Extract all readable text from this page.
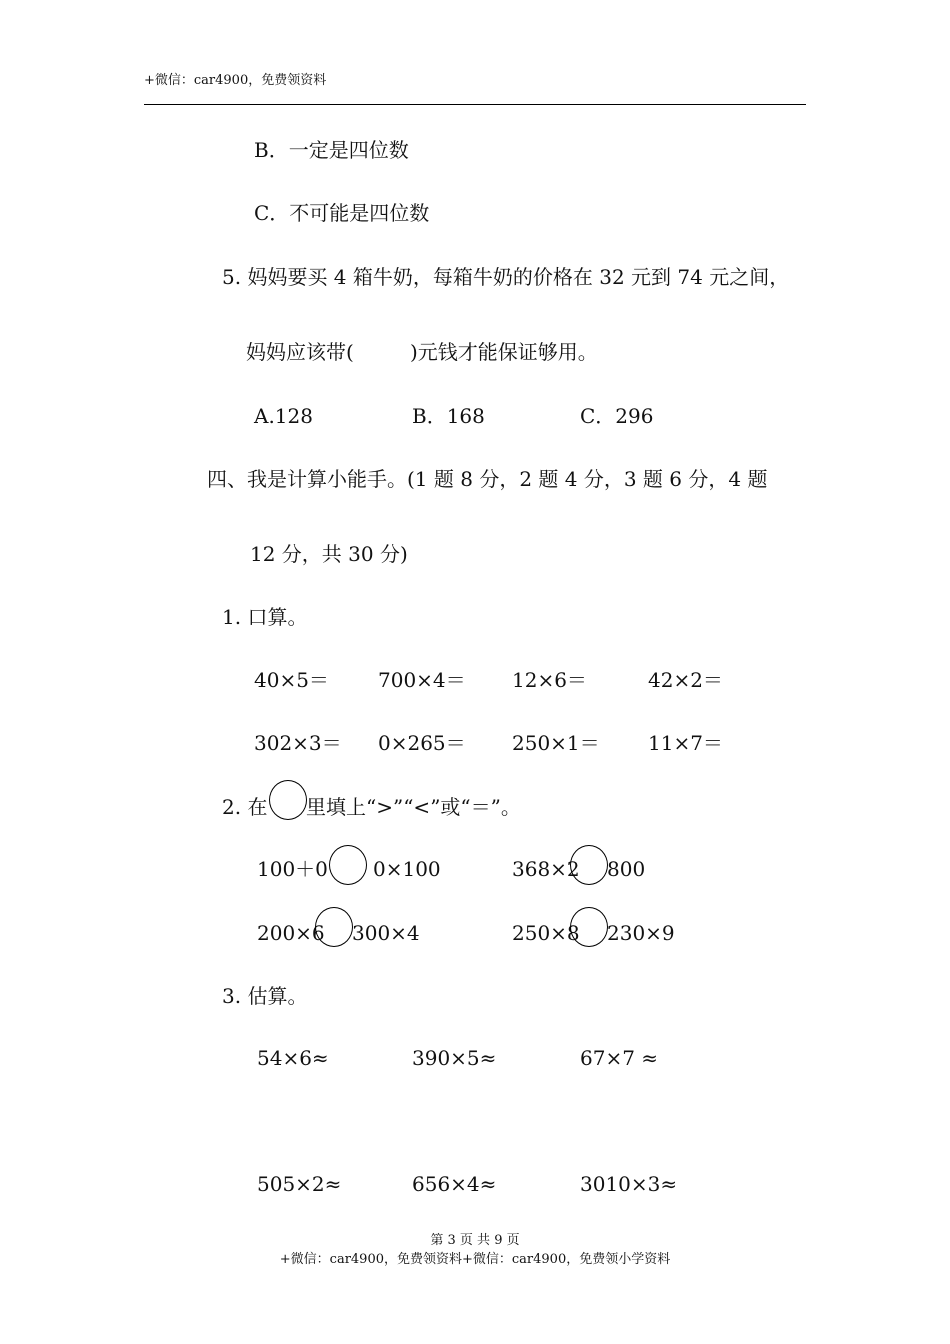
+微信：car4900，免费领资料
B．一定是四位数
C．不可能是四位数
5. 妈妈要买 4 箱牛奶，每箱牛奶的价格在 32 元到 74 元之间，
妈妈应该带(	)元钱才能保证够用。
A.128	B．168	C．296
四、我是计算小能手。(1 题 8 分，2 题 4 分，3 题 6 分，4 题
12 分，共 30 分)
1. 口算。
40×5＝ 700×4＝ 12×6＝	42×2＝
302×3＝ 0×265＝ 250×1＝ 11×7＝
2. 在 里填上“>”“<”或“＝”。
100＋0 0×100	368×2 800
200×6 300×4	250×8 230×9
3. 估算。
54×6≈	390×5≈	67×7 ≈
505×2≈	656×4≈	3010×3≈
第 3 页 共 9 页
+微信：car4900，免费领资料+微信：car4900，免费领小学资料
